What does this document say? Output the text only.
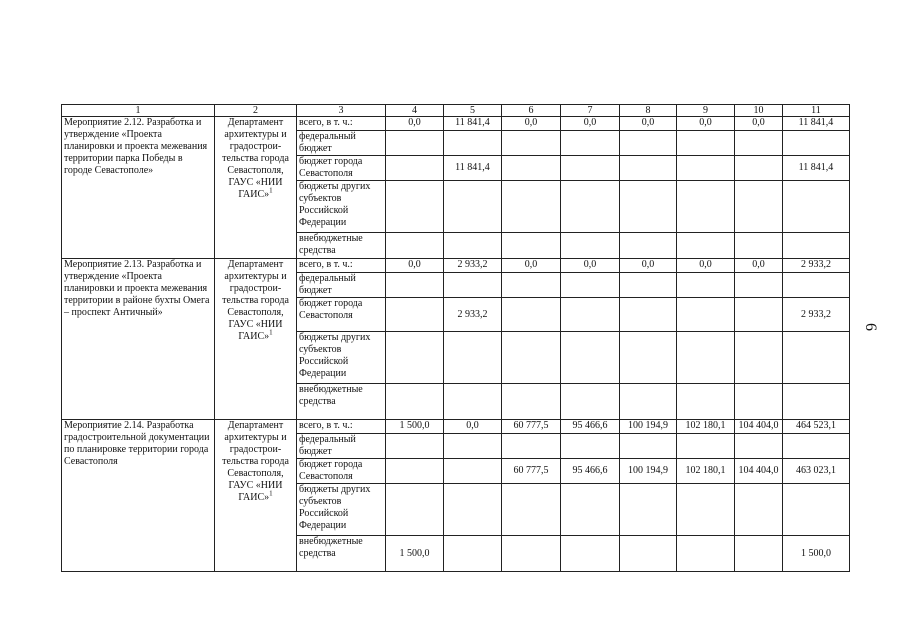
1	2	3	4	5	6	7	8	9	10	11
Мероприятие 2.12. Разработка и утверждение «Проекта планировки и проекта межевания территории парка Победы в городе Севастополе»	Департамент архитектуры и градострои-тельства города Севастополя, ГАУС «НИИ ГАИС»$^1$	всего, в т. ч.:	0,0	11 841,4	0,0	0,0	0,0	0,0	0,0	11 841,4
		федеральный бюджет								
		бюджет города Севастополя		11 841,4						11 841,4
		бюджеты других субъектов Российской Федерации								
		внебюджетные средства								
Мероприятие 2.13. Разработка и утверждение «Проекта планировки и проекта межевания территории в районе бухты Омега – проспект Античный»	Департамент архитектуры и градострои-тельства города Севастополя, ГАУС «НИИ ГАИС»$^1$	всего, в т. ч.:	0,0	2 933,2	0,0	0,0	0,0	0,0	0,0	2 933,2
		федеральный бюджет								
		бюджет города Севастополя		2 933,2						2 933,2
		бюджеты других субъектов Российской Федерации								
		внебюджетные средства								
Мероприятие 2.14. Разработка градостроительной документации по планировке территории города Севастополя	Департамент архитектуры и градострои-тельства города Севастополя, ГАУС «НИИ ГАИС»$^1$	всего, в т. ч.:	1 500,0	0,0	60 777,5	95 466,6	100 194,9	102 180,1	104 404,0	464 523,1
		федеральный бюджет								
		бюджет города Севастополя			60 777,5	95 466,6	100 194,9	102 180,1	104 404,0	463 023,1
		бюджеты других субъектов Российской Федерации								
		внебюджетные средства	1 500,0							1 500,0
6
